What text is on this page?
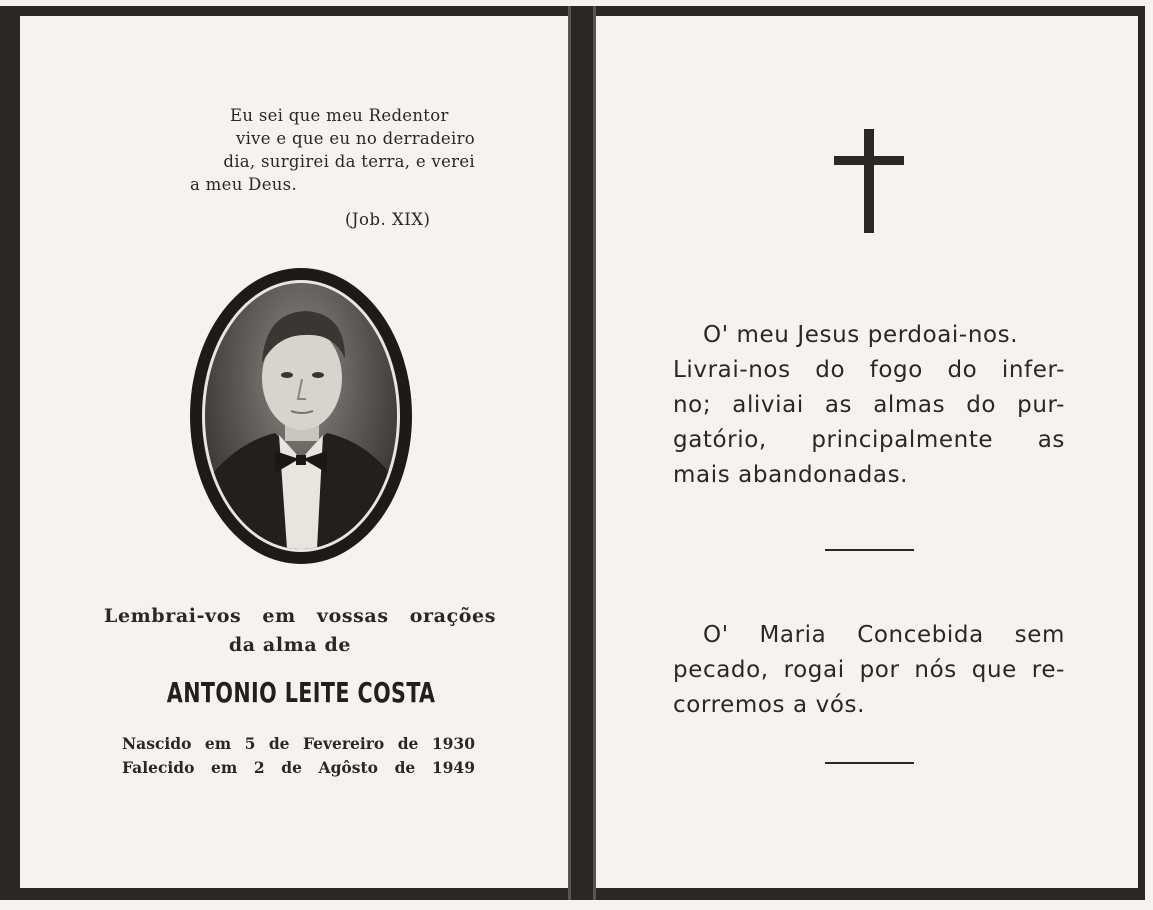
Eu sei que meu Redentor
vive e que eu no derradeiro
dia, surgirei da terra, e verei
a meu Deus.
(Job. XIX)
Lembrai-vos em vossas orações
da alma de
ANTONIO LEITE COSTA
Nascido em 5 de Fevereiro de 1930
Falecido em 2 de Agôsto de 1949
O' meu Jesus perdoai-nos.
Livrai-nos do fogo do infer-
no; aliviai as almas do pur-
gatório, principalmente as
mais abandonadas.
O' Maria Concebida sem
pecado, rogai por nós que re-
corremos a vós.
